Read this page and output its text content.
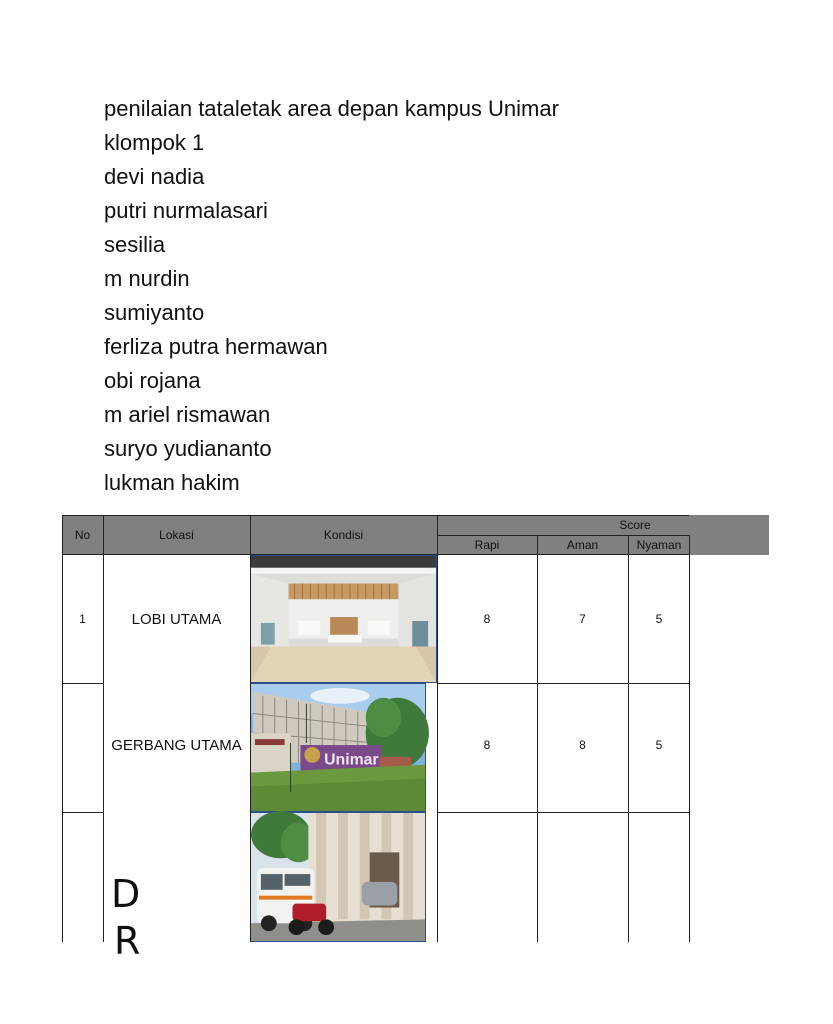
penilaian tataletak area depan kampus Unimar
klompok 1
devi nadia
putri nurmalasari
sesilia
m nurdin
sumiyanto
ferliza putra hermawan
obi rojana
m ariel rismawan
suryo yudiananto
lukman hakim
No	Lokasi	Kondisi
Score
Rapi	Aman	Nyaman
1	LOBI UTAMA	8	7	5
GERBANG UTAMA	8	8	5
D
R
Unimar
